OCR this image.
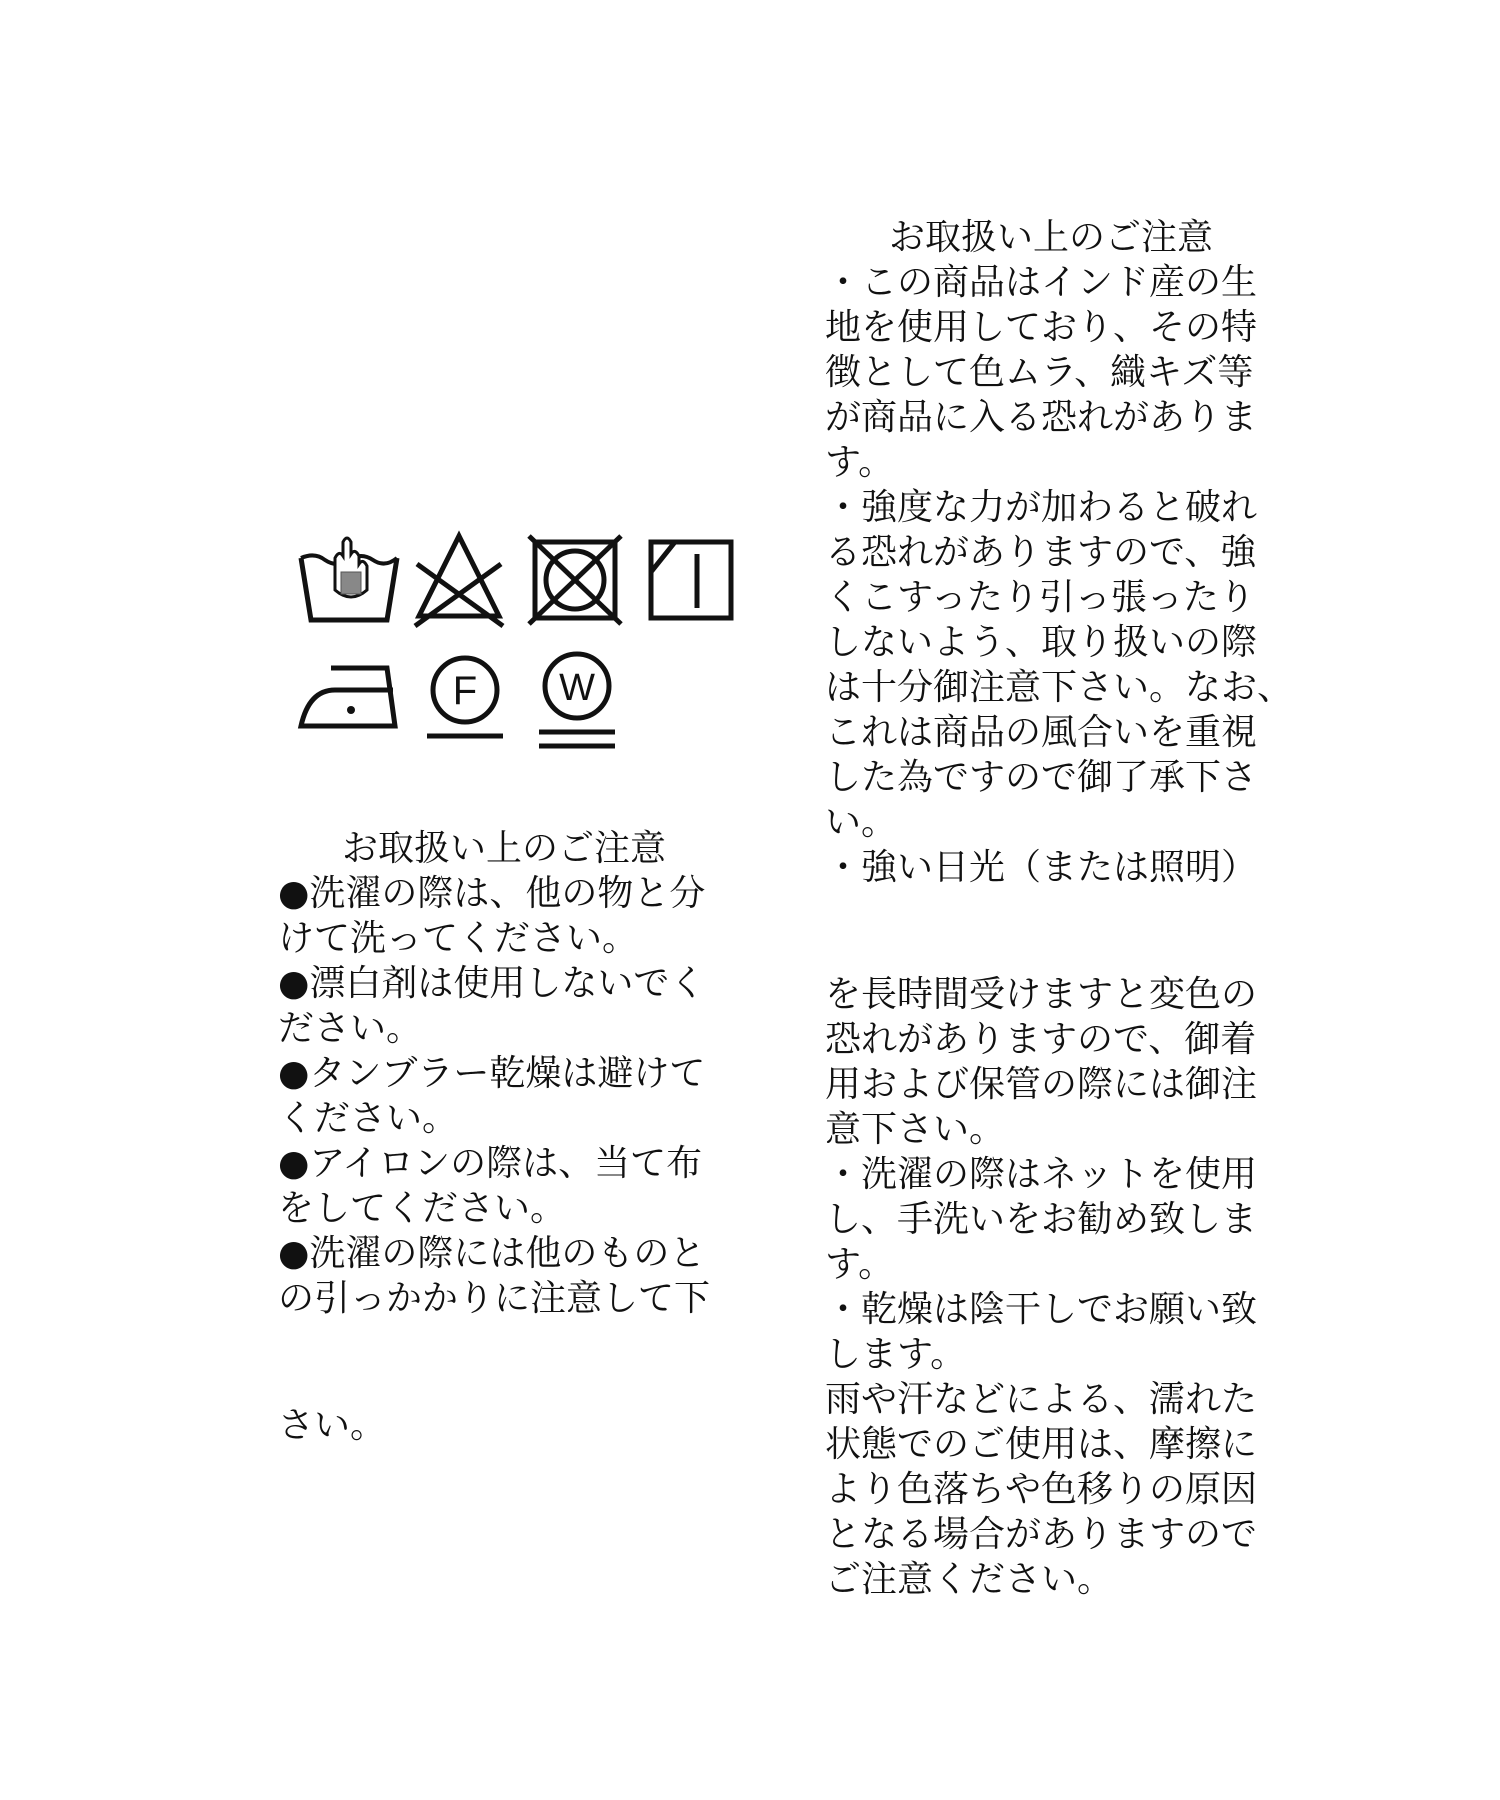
F W
お取扱い上のご注意
●洗濯の際は、他の物と分
けて洗ってください。
●漂白剤は使用しないでく
ださい。
●タンブラー乾燥は避けて
ください。
●アイロンの際は、当て布
をしてください。
●洗濯の際には他のものと
の引っかかりに注意して下
さい。
お取扱い上のご注意
・この商品はインド産の生
地を使用しており、その特
徴として色ムラ、織キズ等
が商品に入る恐れがありま
す。
・強度な力が加わると破れ
る恐れがありますので、強
くこすったり引っ張ったり
しないよう、取り扱いの際
は十分御注意下さい。なお、
これは商品の風合いを重視
した為ですので御了承下さ
い。
・強い日光（または照明）
を長時間受けますと変色の
恐れがありますので、御着
用および保管の際には御注
意下さい。
・洗濯の際はネットを使用
し、手洗いをお勧め致しま
す。
・乾燥は陰干しでお願い致
します。
雨や汗などによる、濡れた
状態でのご使用は、摩擦に
より色落ちや色移りの原因
となる場合がありますので
ご注意ください。
